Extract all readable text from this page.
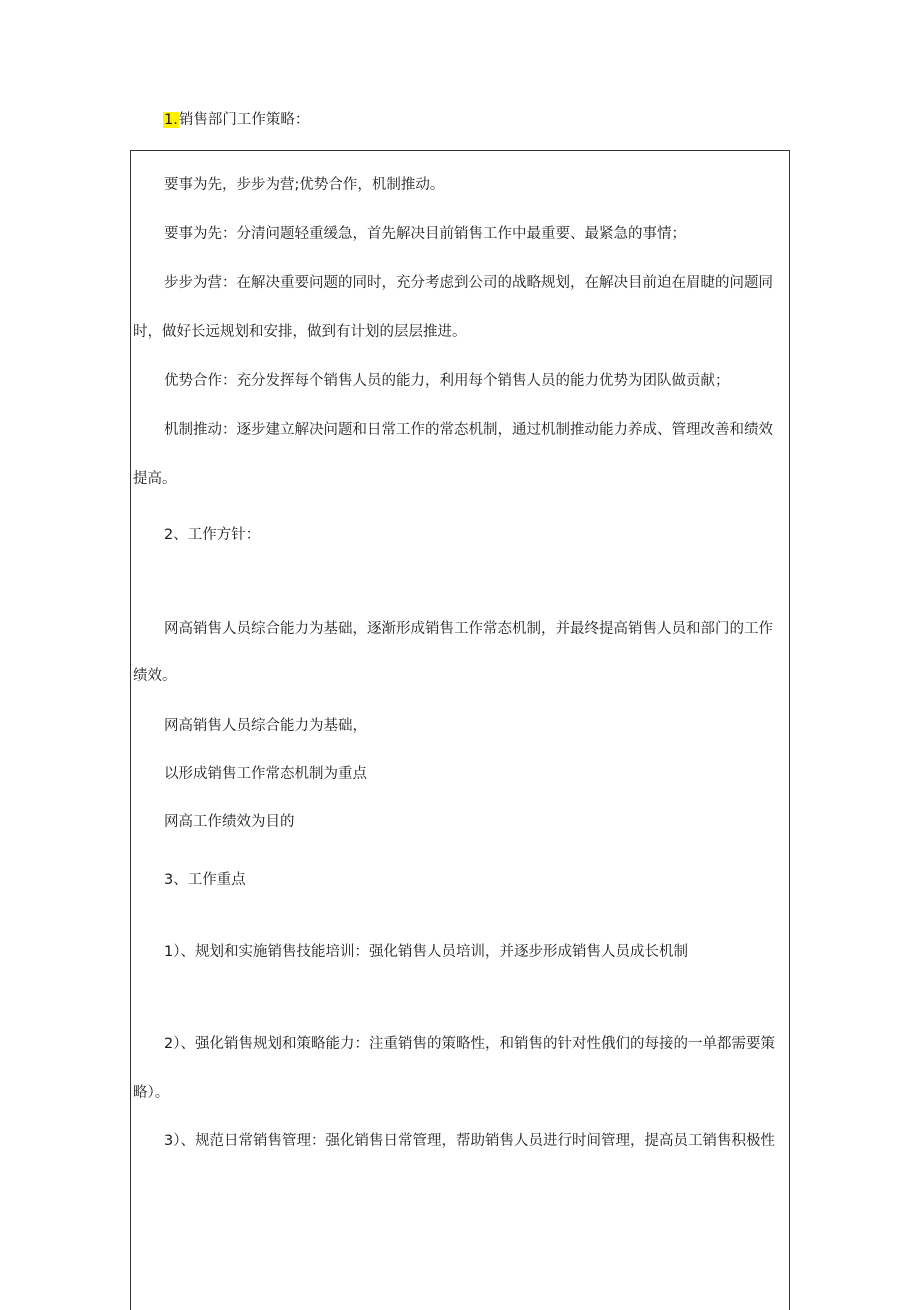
1.销售部门工作策略：
要事为先，步步为营;优势合作，机制推动。
要事为先：分清问题轻重缓急，首先解决目前销售工作中最重要、最紧急的事情；
步步为营：在解决重要问题的同时，充分考虑到公司的战略规划，在解决目前迫在眉睫的问题同
时，做好长远规划和安排，做到有计划的层层推进。
优势合作：充分发挥每个销售人员的能力，利用每个销售人员的能力优势为团队做贡献；
机制推动：逐步建立解决问题和日常工作的常态机制，通过机制推动能力养成、管理改善和绩效
提高。
2、工作方针：
网高销售人员综合能力为基础，逐渐形成销售工作常态机制，并最终提高销售人员和部门的工作
绩效。
网高销售人员综合能力为基础，
以形成销售工作常态机制为重点
网高工作绩效为目的
3、工作重点
1）、规划和实施销售技能培训：强化销售人员培训，并逐步形成销售人员成长机制
2）、强化销售规划和策略能力：注重销售的策略性，和销售的针对性俄们的每接的一单都需要策
略）。
3）、规范日常销售管理：强化销售日常管理，帮助销售人员进行时间管理，提高员工销售积极性
